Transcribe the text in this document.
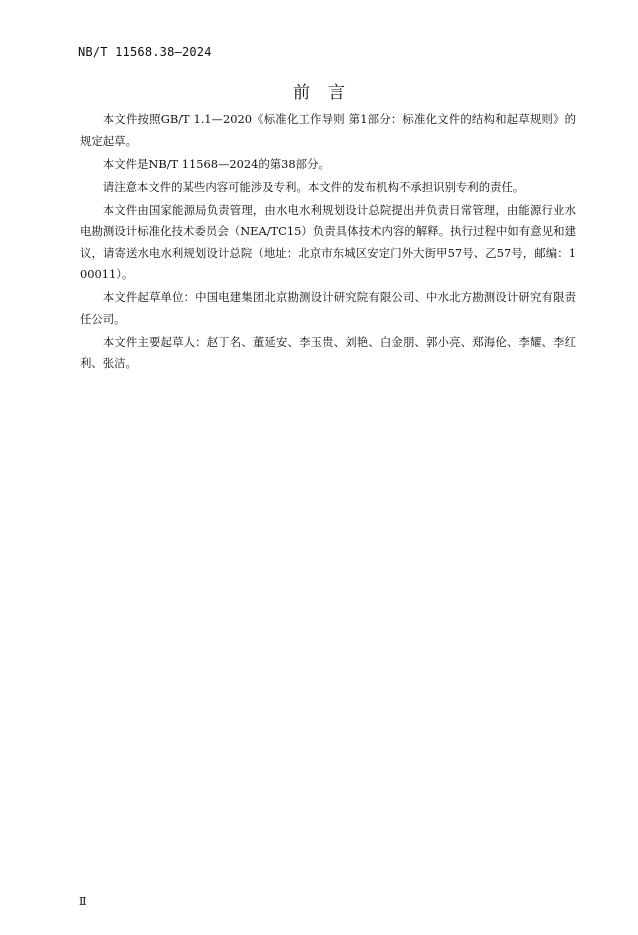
NB/T 11568.38—2024
前言

本文件按照GB/T 1.1—2020《标准化工作导则 第1部分：标准化文件的结构和起草规则》的规定起草。

本文件是NB/T 11568—2024的第38部分。

请注意本文件的某些内容可能涉及专利。本文件的发布机构不承担识别专利的责任。

本文件由国家能源局负责管理，由水电水利规划设计总院提出并负责日常管理，由能源行业水电勘测设计标准化技术委员会（NEA/TC15）负责具体技术内容的解释。执行过程中如有意见和建议，请寄送水电水利规划设计总院（地址：北京市东城区安定门外大街甲57号、乙57号，邮编：100011）。

本文件起草单位：中国电建集团北京勘测设计研究院有限公司、中水北方勘测设计研究有限责任公司。

本文件主要起草人：赵丁名、董延安、李玉贵、刘艳、白金朋、郭小亮、郑海伦、李耀、李红利、张洁。

Ⅱ
